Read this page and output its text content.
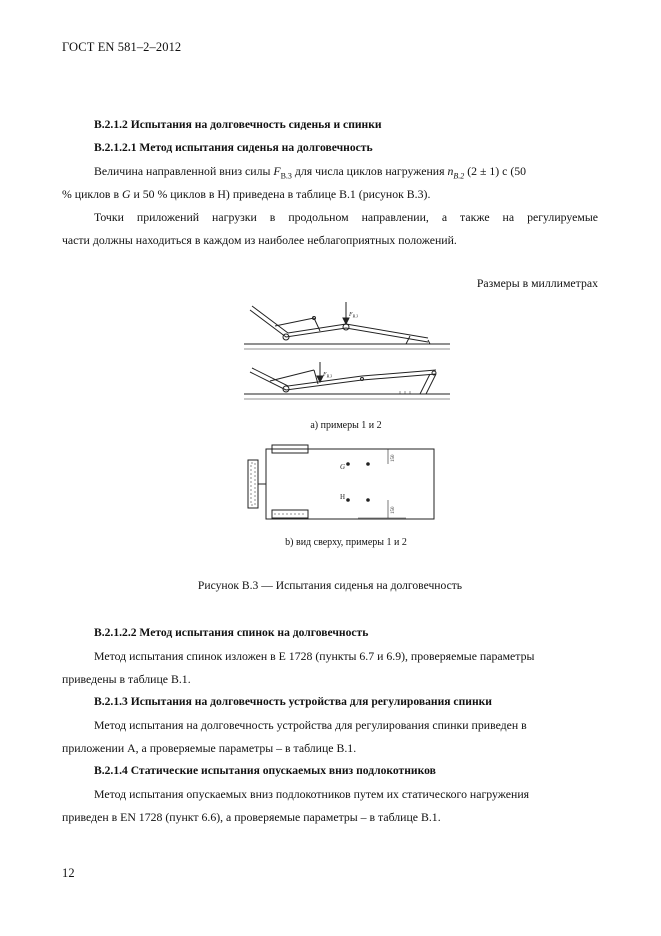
ГОСТ EN 581–2–2012
B.2.1.2 Испытания на долговечность сиденья и спинки
B.2.1.2.1 Метод испытания сиденья на долговечность
Величина направленной вниз силы $F_{B.3}$ для числа циклов нагружения $n_{B.2}$ (2 ± 1) с (50
% циклов в G и 50 % циклов в H) приведена в таблице B.1 (рисунок B.3).
Точки приложений нагрузки в продольном направлении, а также на регулируемые
части должны находиться в каждом из наиболее неблагоприятных положений.
Размеры в миллиметрах
$F_{B.3}$
$F_{B.3}$
a) примеры 1 и 2
G
H
150
150
b) вид сверху, примеры 1 и 2
Рисунок B.3 — Испытания сиденья на долговечность
B.2.1.2.2 Метод испытания спинок на долговечность
Метод испытания спинок изложен в E 1728 (пункты 6.7 и 6.9), проверяемые параметры
приведены в таблице B.1.
B.2.1.3 Испытания на долговечность устройства для регулирования спинки
Метод испытания на долговечность устройства для регулирования спинки приведен в
приложении A, а проверяемые параметры – в таблице B.1.
B.2.1.4 Статические испытания опускаемых вниз подлокотников
Метод испытания опускаемых вниз подлокотников путем их статического нагружения
приведен в EN 1728 (пункт 6.6), а проверяемые параметры – в таблице B.1.
12
